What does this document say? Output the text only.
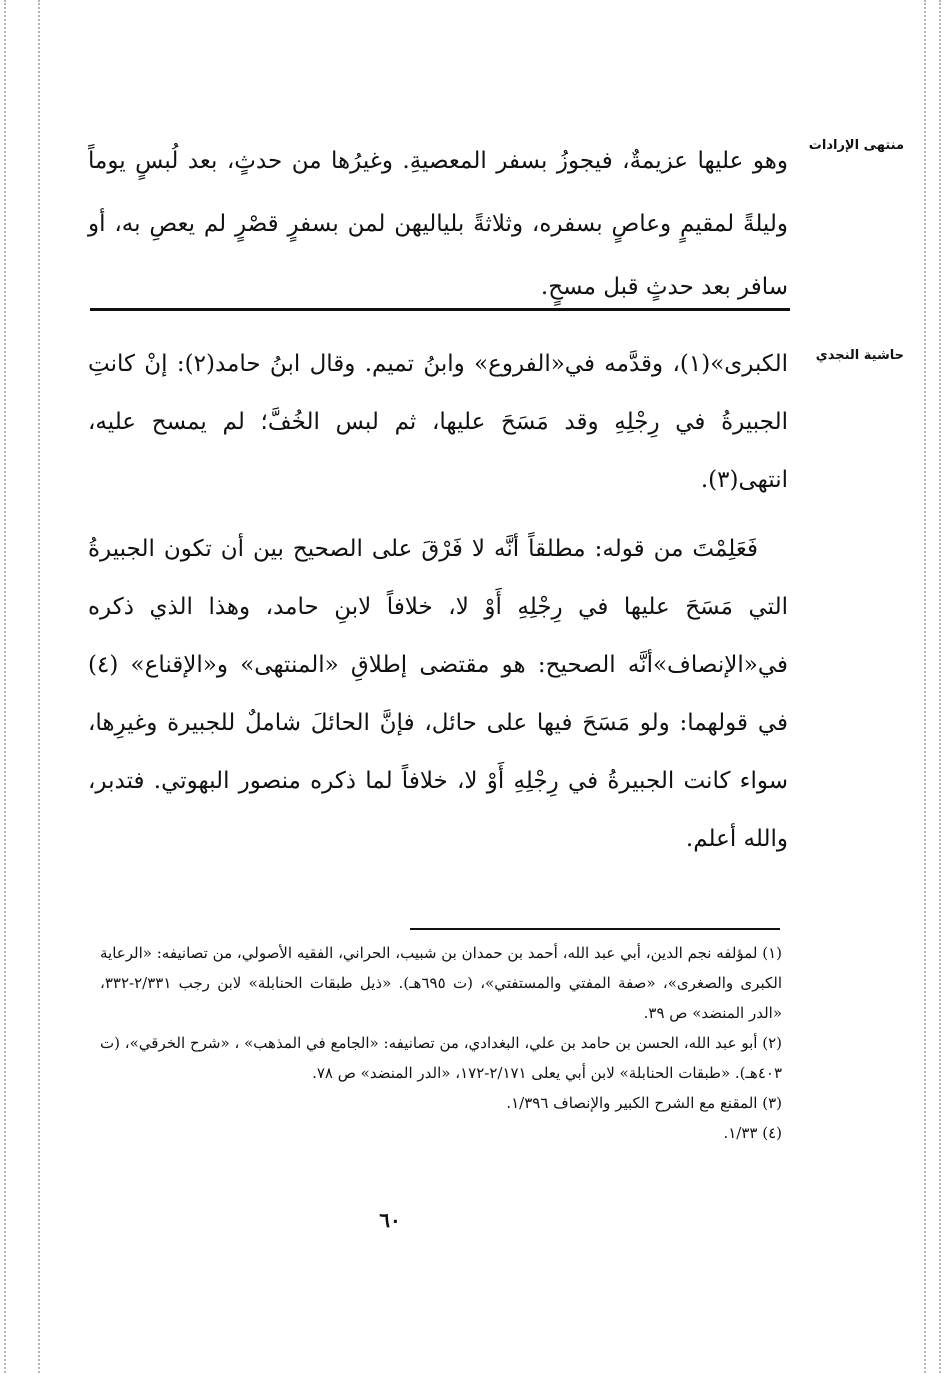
منتهى الإرادات

وهو عليها عزيمةٌ، فيجوزُ بسفر المعصيةِ. وغيرُها من حدثٍ، بعد لُبسٍ يوماً وليلةً لمقيمٍ وعاصٍ بسفره، وثلاثةً بلياليهن لمن بسفرٍ قصْرٍ لم يعصِ به، أو سافر بعد حدثٍ قبل مسحٍ.

حاشية النجدي

الكبرى»(١)، وقدَّمه في«الفروع» وابنُ تميم. وقال ابنُ حامد(٢): إنْ كانتِ الجبيرةُ في رِجْلِهِ وقد مَسَحَ عليها، ثم لبس الخُفَّ؛ لم يمسح عليه، انتهى(٣).

فَعَلِمْتَ من قوله: مطلقاً أنَّه لا فَرْقَ على الصحيح بين أن تكون الجبيرةُ التي مَسَحَ عليها في رِجْلِهِ أَوْ لا، خلافاً لابنِ حامد، وهذا الذي ذكره في«الإنصاف»أنَّه الصحيح: هو مقتضى إطلاقِ «المنتهى» و«الإقناع» (٤) في قولهما: ولو مَسَحَ فيها على حائل، فإنَّ الحائلَ شاملٌ للجبيرة وغيرِها، سواء كانت الجبيرةُ في رِجْلِهِ أَوْ لا، خلافاً لما ذكره منصور البهوتي. فتدبر، والله أعلم.

(١) لمؤلفه نجم الدين، أبي عبد الله، أحمد بن حمدان بن شبيب، الحراني، الفقيه الأصولي، من تصانيفه: «الرعاية الكبرى والصغرى»، «صفة المفتي والمستفتي»، (ت ٦٩٥هـ). «ذيل طبقات الحنابلة» لابن رجب ٢/٣٣١-٣٣٢، «الدر المنضد» ص ٣٩.

(٢) أبو عبد الله، الحسن بن حامد بن علي، البغدادي، من تصانيفه: «الجامع في المذهب» ، «شرح الخرقي»، (ت ٤٠٣هـ). «طبقات الحنابلة» لابن أبي يعلى ٢/١٧١-١٧٢، «الدر المنضد» ص ٧٨.

(٣) المقنع مع الشرح الكبير والإنصاف ١/٣٩٦.

(٤) ١/٣٣.

٦٠
